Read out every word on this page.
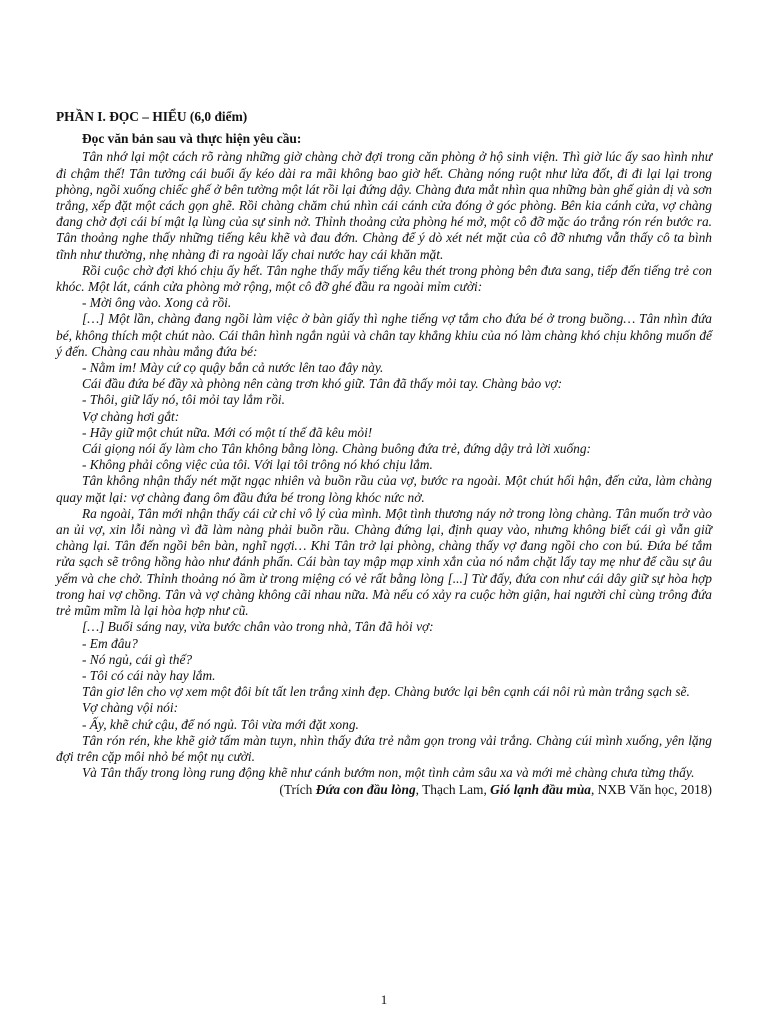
PHẦN I. ĐỌC – HIỂU (6,0 điểm)

Đọc văn bản sau và thực hiện yêu cầu:

Tân nhớ lại một cách rõ ràng những giờ chàng chờ đợi trong căn phòng ở hộ sinh viện. Thì giờ lúc ấy sao hình như đi chậm thế! Tân tưởng cái buổi ấy kéo dài ra mãi không bao giờ hết. Chàng nóng ruột như lửa đốt, đi đi lại lại trong phòng, ngồi xuống chiếc ghế ở bên tường một lát rồi lại đứng dậy. Chàng đưa mắt nhìn qua những bàn ghế giản dị và sơn trắng, xếp đặt một cách gọn ghẽ. Rồi chàng chăm chú nhìn cái cánh cửa đóng ở góc phòng. Bên kia cánh cửa, vợ chàng đang chờ đợi cái bí mật lạ lùng của sự sinh nở. Thỉnh thoảng cửa phòng hé mở, một cô đỡ mặc áo trắng rón rén bước ra. Tân thoảng nghe thấy những tiếng kêu khẽ và đau đớn. Chàng để ý dò xét nét mặt của cô đỡ nhưng vẫn thấy cô ta bình tĩnh như thường, nhẹ nhàng đi ra ngoài lấy chai nước hay cái khăn mặt.

Rồi cuộc chờ đợi khó chịu ấy hết. Tân nghe thấy mấy tiếng kêu thét trong phòng bên đưa sang, tiếp đến tiếng trẻ con khóc. Một lát, cánh cửa phòng mở rộng, một cô đỡ ghé đầu ra ngoài mỉm cười:

- Mời ông vào. Xong cả rồi.

[…] Một lần, chàng đang ngồi làm việc ở bàn giấy thì nghe tiếng vợ tắm cho đứa bé ở trong buồng… Tân nhìn đứa bé, không thích một chút nào. Cái thân hình ngắn ngủi và chân tay khẳng khiu của nó làm chàng khó chịu không muốn để ý đến. Chàng cau nhàu mắng đứa bé:

- Nằm im! Mày cứ cọ quậy bắn cả nước lên tao đây này.

Cái đầu đứa bé đầy xà phòng nên càng trơn khó giữ. Tân đã thấy mỏi tay. Chàng bảo vợ:

- Thôi, giữ lấy nó, tôi mỏi tay lắm rồi.

Vợ chàng hơi gắt:

- Hãy giữ một chút nữa. Mới có một tí thế đã kêu mỏi!

Cái giọng nói ấy làm cho Tân không bằng lòng. Chàng buông đứa trẻ, đứng dậy trả lời xuống:

- Không phải công việc của tôi. Với lại tôi trông nó khó chịu lắm.

Tân không nhận thấy nét mặt ngạc nhiên và buồn rầu của vợ, bước ra ngoài. Một chút hối hận, đến cửa, làm chàng quay mặt lại: vợ chàng đang ôm đầu đứa bé trong lòng khóc nức nở.

Ra ngoài, Tân mới nhận thấy cái cử chỉ vô lý của mình. Một tình thương náy nở trong lòng chàng. Tân muốn trở vào an ủi vợ, xin lỗi nàng vì đã làm nàng phải buồn rầu. Chàng đứng lại, định quay vào, nhưng không biết cái gì vẫn giữ chàng lại. Tân đến ngồi bên bàn, nghĩ ngợi… Khi Tân trở lại phòng, chàng thấy vợ đang ngồi cho con bú. Đứa bé tắm rửa sạch sẽ trông hồng hào như đánh phấn. Cái bàn tay mập mạp xinh xắn của nó nắm chặt lấy tay mẹ như để cầu sự âu yếm và che chở. Thỉnh thoảng nó ầm ừ trong miệng có vẻ rất bằng lòng [...] Từ đấy, đứa con như cái dây giữ sự hòa hợp trong hai vợ chồng. Tân và vợ chàng không cãi nhau nữa. Mà nếu có xảy ra cuộc hờn giận, hai người chỉ cùng trông đứa trẻ mũm mĩm là lại hòa hợp như cũ.

[…] Buổi sáng nay, vừa bước chân vào trong nhà, Tân đã hỏi vợ:

- Em đâu?

- Nó ngủ, cái gì thế?

- Tôi có cái này hay lắm.

Tân giơ lên cho vợ xem một đôi bít tất len trắng xinh đẹp. Chàng bước lại bên cạnh cái nôi rủ màn trắng sạch sẽ.

Vợ chàng vội nói:

- Ấy, khẽ chứ cậu, để nó ngủ. Tôi vừa mới đặt xong.

Tân rón rén, khe khẽ giở tấm màn tuyn, nhìn thấy đứa trẻ nằm gọn trong vải trắng. Chàng cúi mình xuống, yên lặng đợi trên cặp môi nhỏ bé một nụ cười.

Và Tân thấy trong lòng rung động khẽ như cánh bướm non, một tình cảm sâu xa và mới mẻ chàng chưa từng thấy.

(Trích Đứa con đầu lòng, Thạch Lam, Gió lạnh đầu mùa, NXB Văn học, 2018)

1
